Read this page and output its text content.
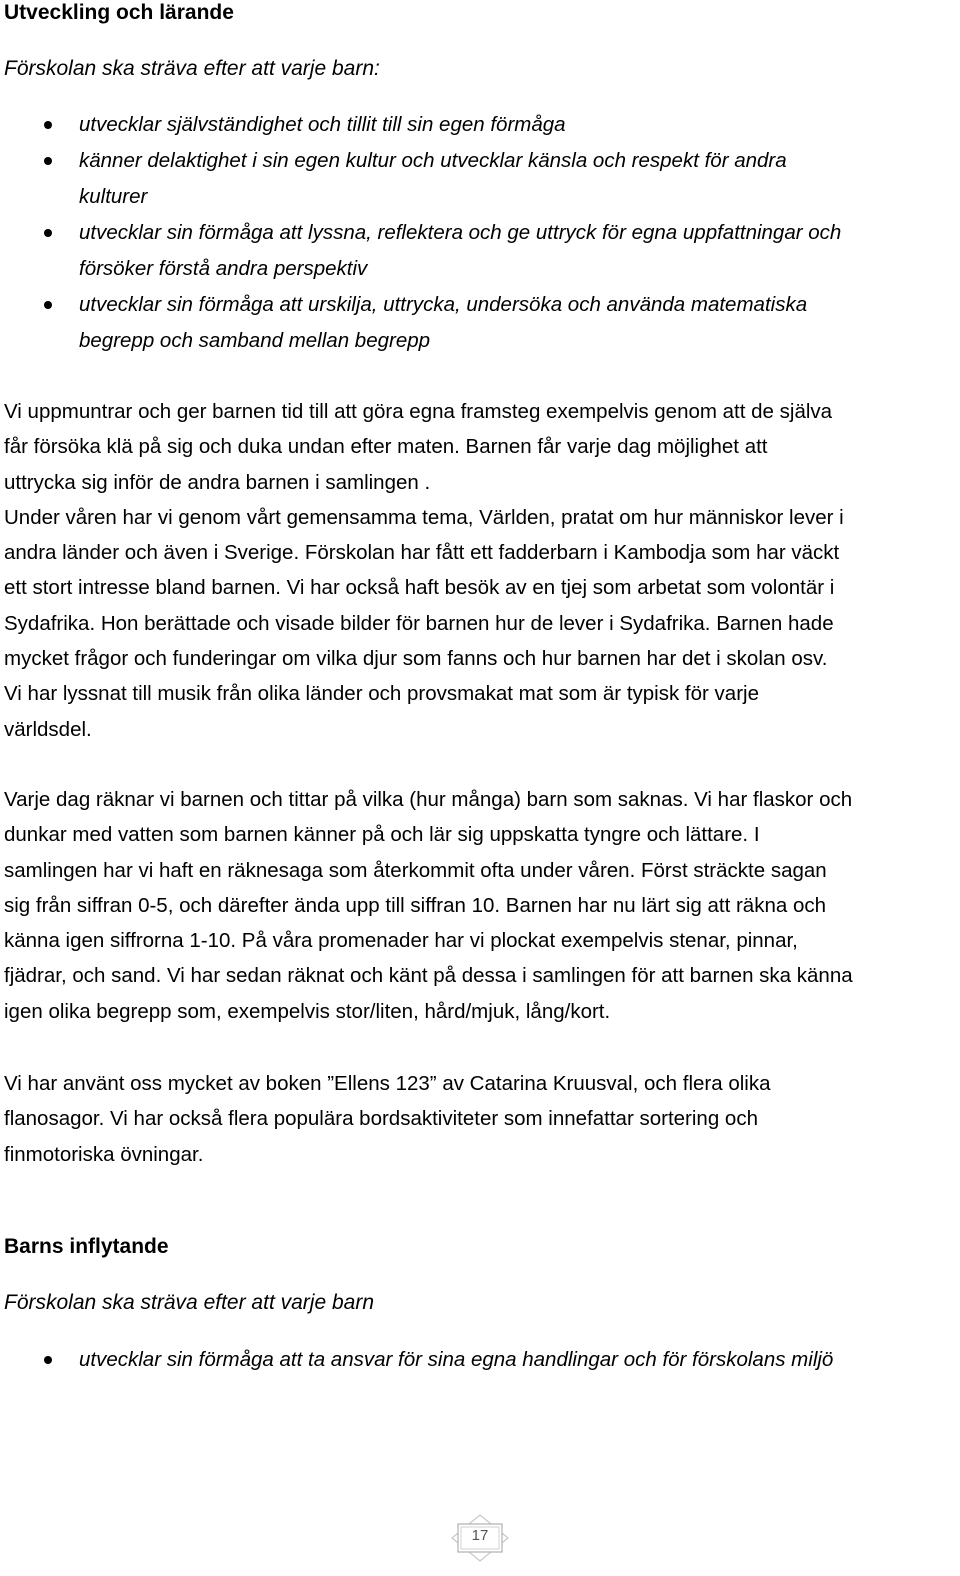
Utveckling och lärande
Förskolan ska sträva efter att varje barn:
utvecklar självständighet och tillit till sin egen förmåga
känner delaktighet i sin egen kultur och utvecklar känsla och respekt för andra
kulturer
utvecklar sin förmåga att lyssna, reflektera och ge uttryck för egna uppfattningar och
försöker förstå andra perspektiv
utvecklar sin förmåga att urskilja, uttrycka, undersöka och använda matematiska
begrepp och samband mellan begrepp

Vi uppmuntrar och ger barnen tid till att göra egna framsteg exempelvis genom att de själva
får försöka klä på sig och duka undan efter maten. Barnen får varje dag möjlighet att
uttrycka sig inför de andra barnen i samlingen .
Under våren har vi genom vårt gemensamma tema, Världen, pratat om hur människor lever i
andra länder och även i Sverige. Förskolan har fått ett fadderbarn i Kambodja som har väckt
ett stort intresse bland barnen. Vi har också haft besök av en tjej som arbetat som volontär i
Sydafrika. Hon berättade och visade bilder för barnen hur de lever i Sydafrika. Barnen hade
mycket frågor och funderingar om vilka djur som fanns och hur barnen har det i skolan osv.
Vi har lyssnat till musik från olika länder och provsmakat mat som är typisk för varje
världsdel.

Varje dag räknar vi barnen och tittar på vilka (hur många) barn som saknas. Vi har flaskor och
dunkar med vatten som barnen känner på och lär sig uppskatta tyngre och lättare. I
samlingen har vi haft en räknesaga som återkommit ofta under våren. Först sträckte sagan
sig från siffran 0-5, och därefter ända upp till siffran 10. Barnen har nu lärt sig att räkna och
känna igen siffrorna 1-10. På våra promenader har vi plockat exempelvis stenar, pinnar,
fjädrar, och sand. Vi har sedan räknat och känt på dessa i samlingen för att barnen ska känna
igen olika begrepp som, exempelvis stor/liten, hård/mjuk, lång/kort.

Vi har använt oss mycket av boken ”Ellens 123” av Catarina Kruusval, och flera olika
flanosagor. Vi har också flera populära bordsaktiviteter som innefattar sortering och
finmotoriska övningar.

Barns inflytande
Förskolan ska sträva efter att varje barn
utvecklar sin förmåga att ta ansvar för sina egna handlingar och för förskolans miljö
17
